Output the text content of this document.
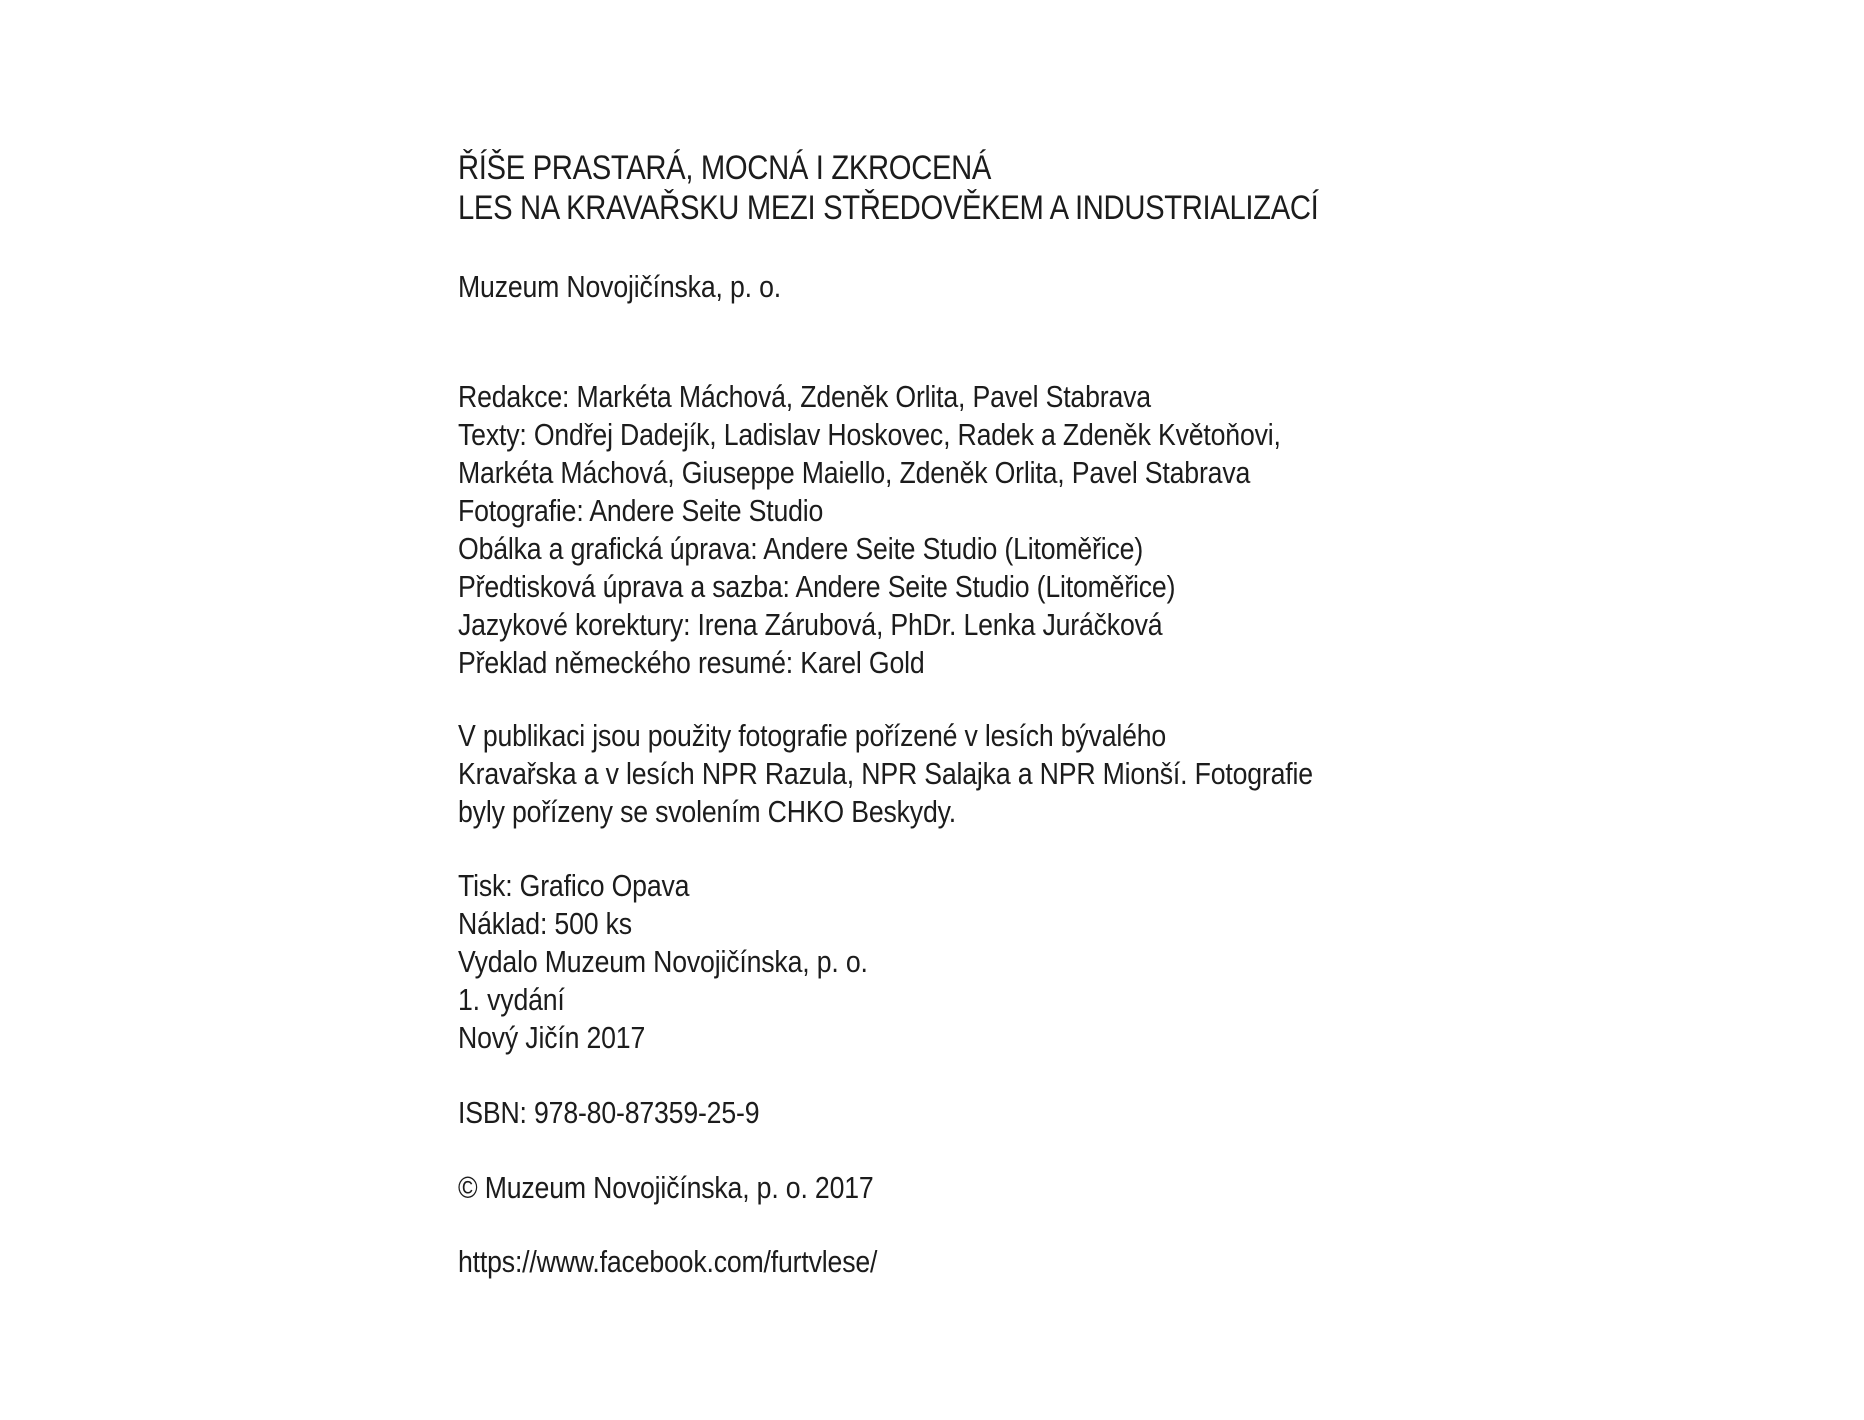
ŘÍŠE PRASTARÁ, MOCNÁ I ZKROCENÁ
LES NA KRAVAŘSKU MEZI STŘEDOVĚKEM A INDUSTRIALIZACÍ
Muzeum Novojičínska, p. o.
Redakce: Markéta Máchová, Zdeněk Orlita, Pavel Stabrava
Texty: Ondřej Dadejík, Ladislav Hoskovec, Radek a Zdeněk Květoňovi,
Markéta Máchová, Giuseppe Maiello, Zdeněk Orlita, Pavel Stabrava
Fotografie: Andere Seite Studio
Obálka a grafická úprava: Andere Seite Studio (Litoměřice)
Předtisková úprava a sazba: Andere Seite Studio (Litoměřice)
Jazykové korektury: Irena Zárubová, PhDr. Lenka Juráčková
Překlad německého resumé: Karel Gold
V publikaci jsou použity fotografie pořízené v lesích bývalého
Kravařska a v lesích NPR Razula, NPR Salajka a NPR Mionší. Fotografie
byly pořízeny se svolením CHKO Beskydy.
Tisk: Grafico Opava
Náklad: 500 ks
Vydalo Muzeum Novojičínska, p. o.
1. vydání
Nový Jičín 2017
ISBN: 978-80-87359-25-9
© Muzeum Novojičínska, p. o. 2017
https://www.facebook.com/furtvlese/
